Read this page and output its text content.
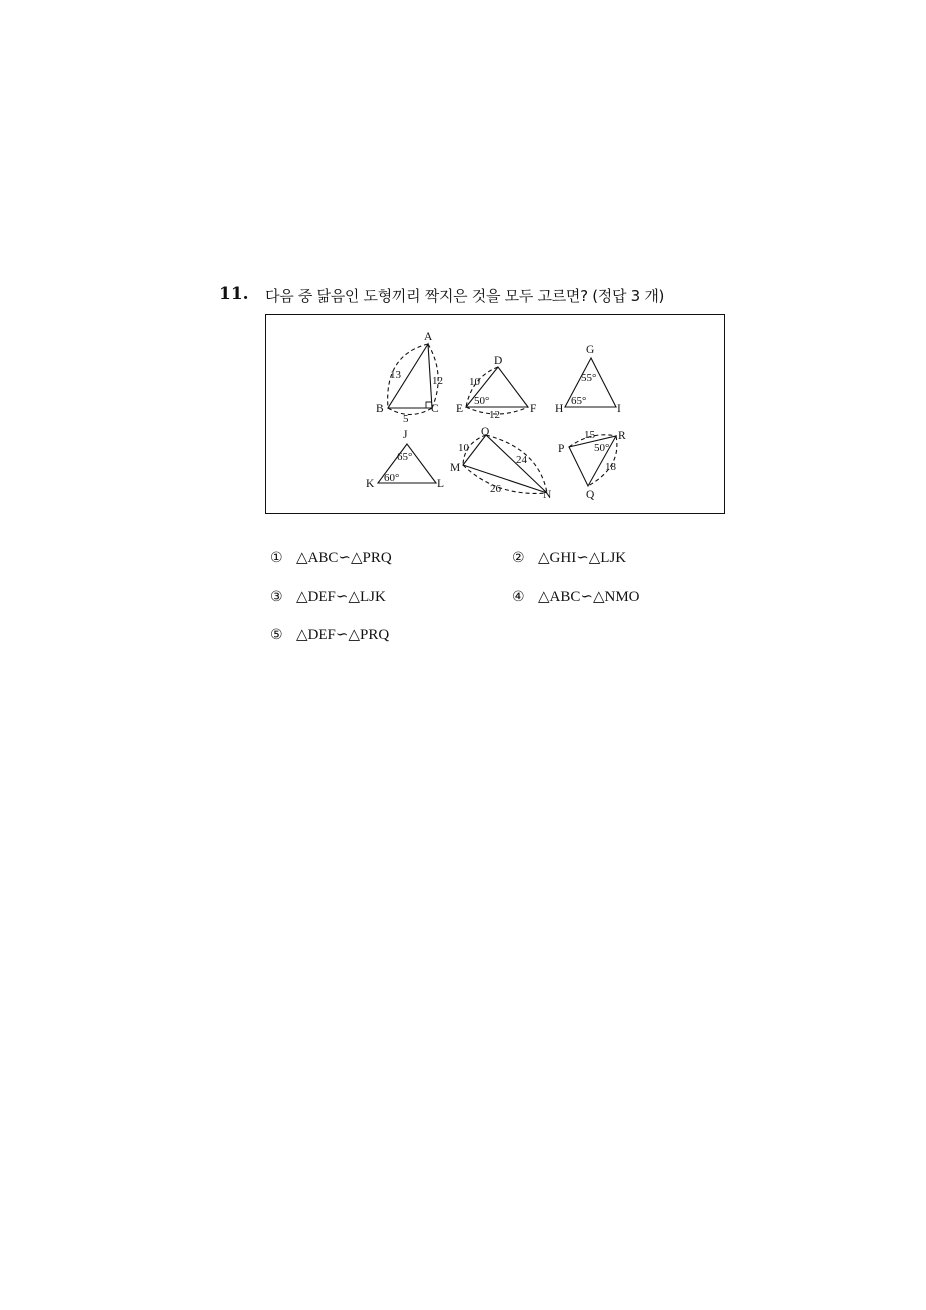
11. 다음 중 닮음인 도형끼리 짝지은 것을 모두 고르면? (정답 3 개)
A
B	C
13	12
5
D
E	F
10
12
50°
G
H	I
55°
65°
J
K	L
65°
60°
O
M
N
10
24
26
P
R
Q
15
18
50°
① △ABC∽△PRQ	② △GHI∽△LJK
③ △DEF∽△LJK	④ △ABC∽△NMO
⑤ △DEF∽△PRQ
